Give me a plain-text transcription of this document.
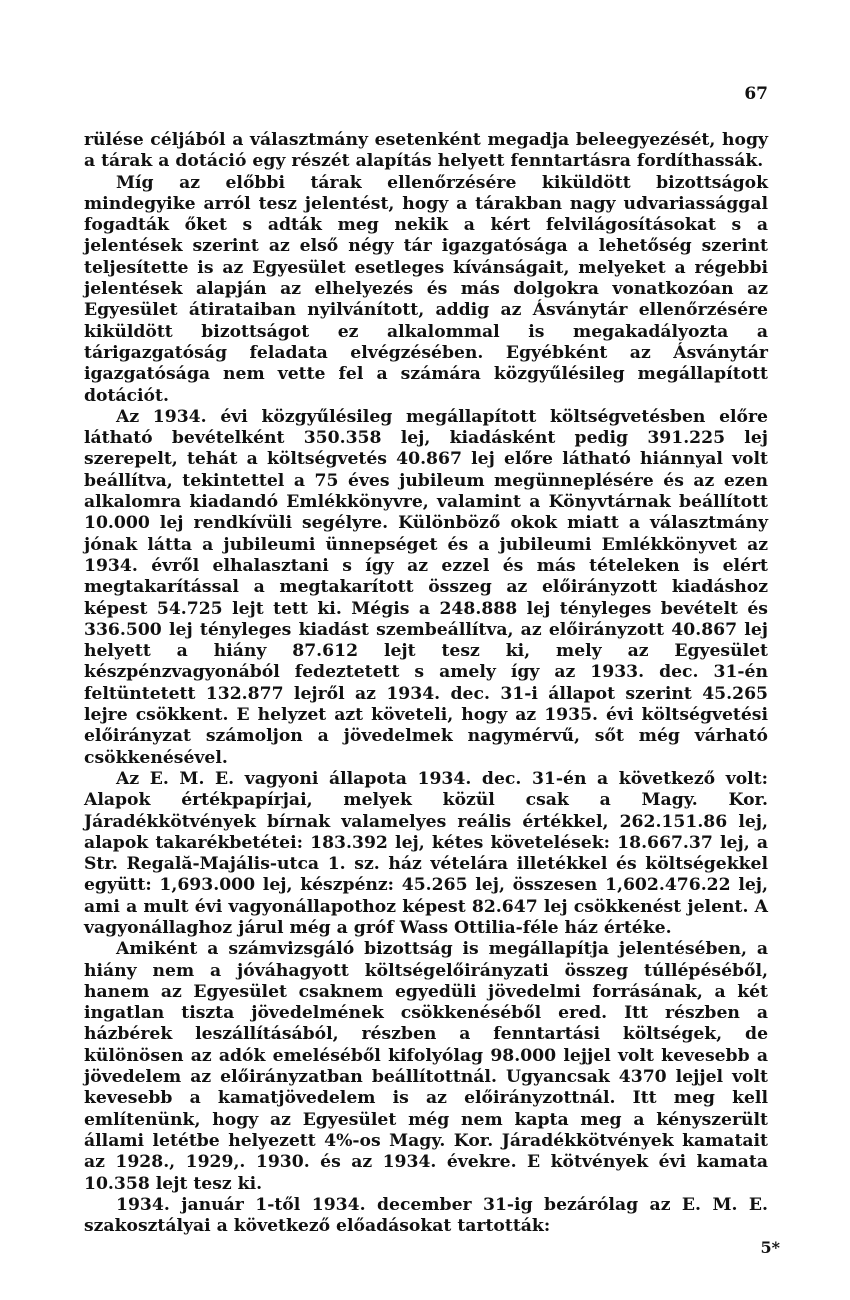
67

rülése céljából a választmány esetenként megadja beleegyezését, hogy a tárak a dotáció egy részét alapítás helyett fenntartásra fordíthassák.

Míg az előbbi tárak ellenőrzésére kiküldött bizottságok mindegyike arról tesz jelentést, hogy a tárakban nagy udvariassággal fogadták őket s adták meg nekik a kért felvilágosításokat s a jelentések szerint az első négy tár igazgatósága a lehetőség szerint teljesítette is az Egyesület esetleges kívánságait, melyeket a régebbi jelentések alapján az elhelyezés és más dolgokra vonatkozóan az Egyesület átirataiban nyilvánított, addig az Ásványtár ellenőrzésére kiküldött bizottságot ez alkalommal is megakadályozta a tárigazgatóság feladata elvégzésében. Egyébként az Ásványtár igazgatósága nem vette fel a számára közgyűlésileg megállapított dotációt.

Az 1934. évi közgyűlésileg megállapított költségvetésben előre látható bevételként 350.358 lej, kiadásként pedig 391.225 lej szerepelt, tehát a költségvetés 40.867 lej előre látható hiánnyal volt beállítva, tekintettel a 75 éves jubileum megünneplésére és az ezen alkalomra kiadandó Emlékkönyvre, valamint a Könyvtárnak beállított 10.000 lej rendkívüli segélyre. Különböző okok miatt a választmány jónak látta a jubileumi ünnepséget és a jubileumi Emlékkönyvet az 1934. évről elhalasztani s így az ezzel és más tételeken is elért megtakarítással a megtakarított összeg az előirányzott kiadáshoz képest 54.725 lejt tett ki. Mégis a 248.888 lej tényleges bevételt és 336.500 lej tényleges kiadást szembeállítva, az előirányzott 40.867 lej helyett a hiány 87.612 lejt tesz ki, mely az Egyesület készpénzvagyonából fedeztetett s amely így az 1933. dec. 31-én feltüntetett 132.877 lejről az 1934. dec. 31-i állapot szerint 45.265 lejre csökkent. E helyzet azt követeli, hogy az 1935. évi költségvetési előirányzat számoljon a jövedelmek nagymérvű, sőt még várható csökkenésével.

Az E. M. E. vagyoni állapota 1934. dec. 31-én a következő volt: Alapok értékpapírjai, melyek közül csak a Magy. Kor. Járadékkötvények bírnak valamelyes reális értékkel, 262.151.86 lej, alapok takarékbetétei: 183.392 lej, kétes követelések: 18.667.37 lej, a Str. Regală-Majális-utca 1. sz. ház vételára illetékkel és költségekkel együtt: 1,693.000 lej, készpénz: 45.265 lej, összesen 1,602.476.22 lej, ami a mult évi vagyonállapothoz képest 82.647 lej csökkenést jelent. A vagyonállaghoz járul még a gróf Wass Ottilia-féle ház értéke.

Amiként a számvizsgáló bizottság is megállapítja jelentésében, a hiány nem a jóváhagyott költségelőirányzati összeg túllépéséből, hanem az Egyesület csaknem egyedüli jövedelmi forrásának, a két ingatlan tiszta jövedelmének csökkenéséből ered. Itt részben a házbérek leszállításából, részben a fenntartási költségek, de különösen az adók emeléséből kifolyólag 98.000 lejjel volt kevesebb a jövedelem az előirányzatban beállítottnál. Ugyancsak 4370 lejjel volt kevesebb a kamatjövedelem is az előirányzottnál. Itt meg kell említenünk, hogy az Egyesület még nem kapta meg a kényszerült állami letétbe helyezett 4%-os Magy. Kor. Járadékkötvények kamatait az 1928., 1929,. 1930. és az 1934. évekre. E kötvények évi kamata 10.358 lejt tesz ki.

1934. január 1-től 1934. december 31-ig bezárólag az E. M. E. szakosztályai a következő előadásokat tartották:

5*
